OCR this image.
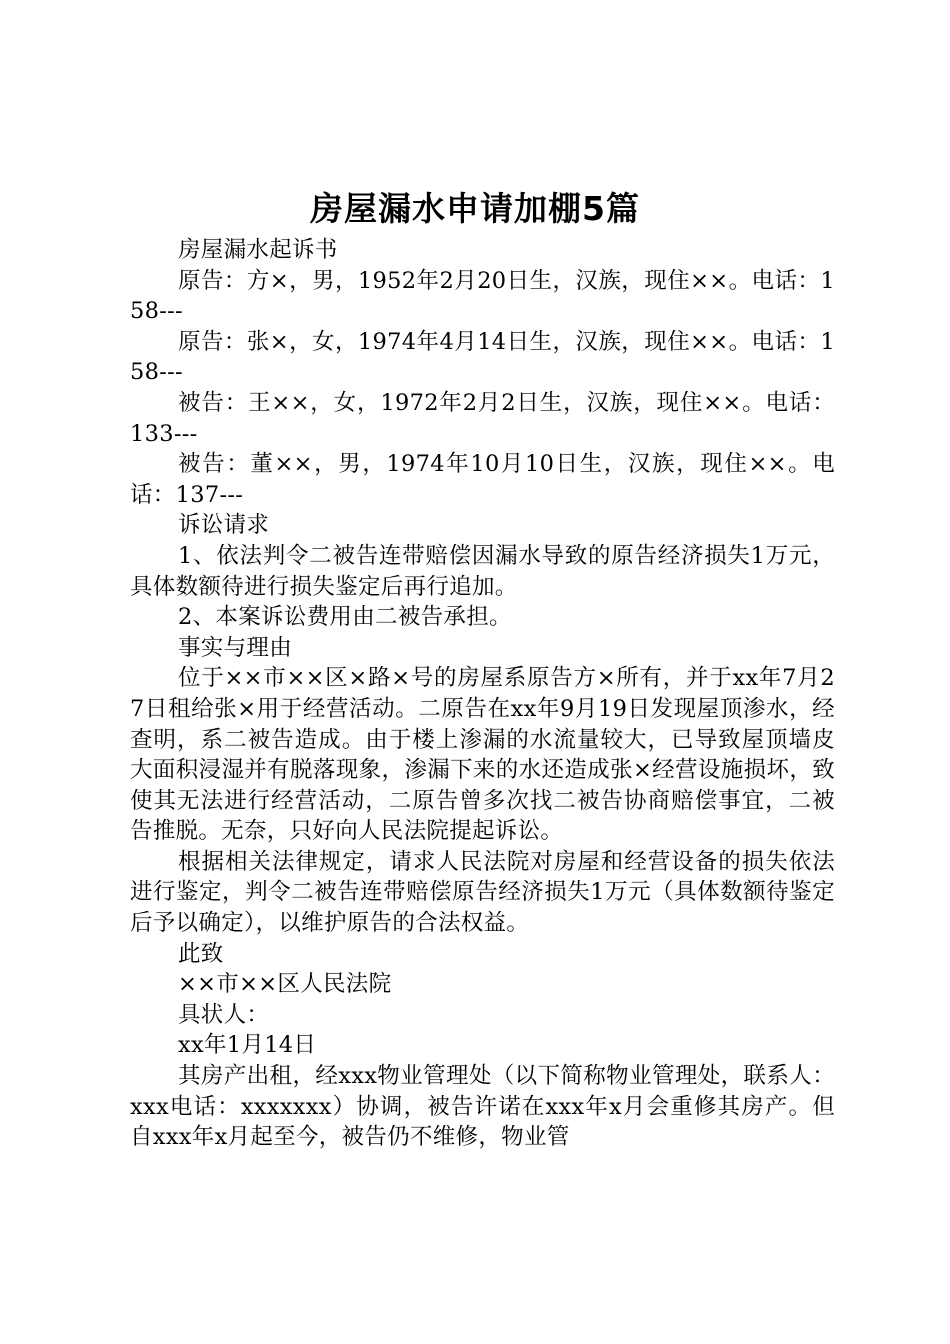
房屋漏水申请加棚5篇

房屋漏水起诉书

原告：方×，男，1952年2月20日生，汉族，现住××。电话：158---

原告：张×，女，1974年4月14日生，汉族，现住××。电话：158---

被告：王××，女，1972年2月2日生，汉族，现住××。电话：133---

被告：董××，男，1974年10月10日生，汉族，现住××。电话：137---

诉讼请求

1、依法判令二被告连带赔偿因漏水导致的原告经济损失1万元，具体数额待进行损失鉴定后再行追加。

2、本案诉讼费用由二被告承担。

事实与理由

位于××市××区×路×号的房屋系原告方×所有，并于xx年7月27日租给张×用于经营活动。二原告在xx年9月19日发现屋顶渗水，经查明，系二被告造成。由于楼上渗漏的水流量较大，已导致屋顶墙皮大面积浸湿并有脱落现象，渗漏下来的水还造成张×经营设施损坏，致使其无法进行经营活动，二原告曾多次找二被告协商赔偿事宜，二被告推脱。无奈，只好向人民法院提起诉讼。

根据相关法律规定，请求人民法院对房屋和经营设备的损失依法进行鉴定，判令二被告连带赔偿原告经济损失1万元（具体数额待鉴定后予以确定），以维护原告的合法权益。

此致

××市××区人民法院

具状人：

xx年1月14日

其房产出租，经xxx物业管理处（以下简称物业管理处，联系人：xxx电话：xxxxxxx）协调，被告许诺在xxx年x月会重修其房产。但自xxx年x月起至今，被告仍不维修，物业管
